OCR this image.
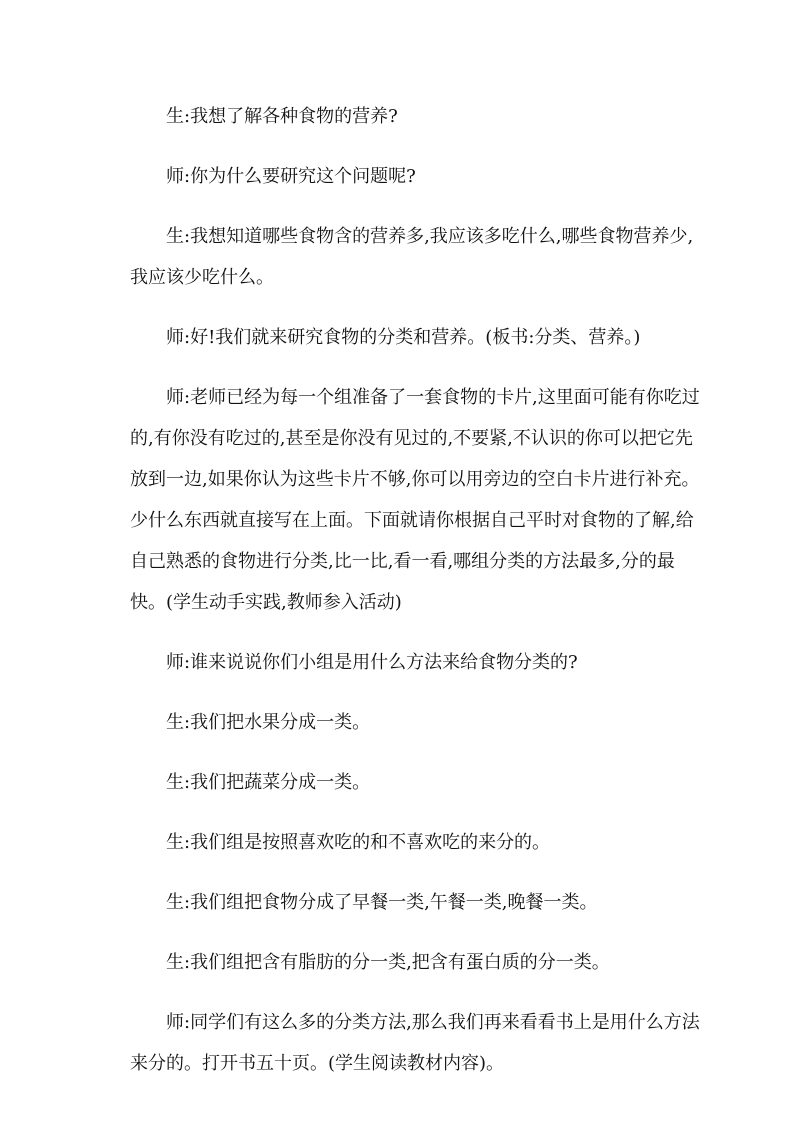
生:我想了解各种食物的营养?

师:你为什么要研究这个问题呢?

生:我想知道哪些食物含的营养多,我应该多吃什么,哪些食物营养少,我应该少吃什么。

师:好!我们就来研究食物的分类和营养。(板书:分类、营养。)

师:老师已经为每一个组准备了一套食物的卡片,这里面可能有你吃过的,有你没有吃过的,甚至是你没有见过的,不要紧,不认识的你可以把它先放到一边,如果你认为这些卡片不够,你可以用旁边的空白卡片进行补充。少什么东西就直接写在上面。下面就请你根据自己平时对食物的了解,给自己熟悉的食物进行分类,比一比,看一看,哪组分类的方法最多,分的最快。(学生动手实践,教师参入活动)

师:谁来说说你们小组是用什么方法来给食物分类的?

生:我们把水果分成一类。

生:我们把蔬菜分成一类。

生:我们组是按照喜欢吃的和不喜欢吃的来分的。

生:我们组把食物分成了早餐一类,午餐一类,晚餐一类。

生:我们组把含有脂肪的分一类,把含有蛋白质的分一类。

师:同学们有这么多的分类方法,那么我们再来看看书上是用什么方法来分的。打开书五十页。(学生阅读教材内容)。
